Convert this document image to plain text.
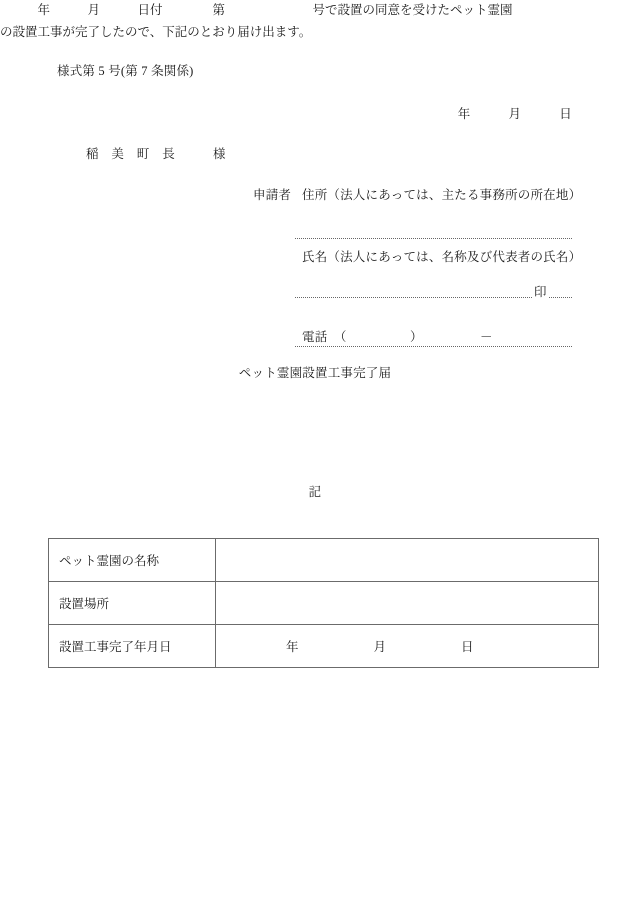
様式第 5 号(第 7 条関係)
年　　　月　　　日
稲　美　町　長　　　様
申請者 住所（法人にあっては、主たる事務所の所在地）
氏名（法人にあっては、名称及び代表者の氏名）
印
電話　（　　　　　）　　　　　－
ペット霊園設置工事完了届
　　　年　　　月　　　日付　　　　第　　　　　　　号で設置の同意を受けたペット霊園の設置工事が完了したので、下記のとおり届け出ます。
記
ペット霊園の名称	
設置場所	
設置工事完了年月日	年　　　　　　月　　　　　　日
